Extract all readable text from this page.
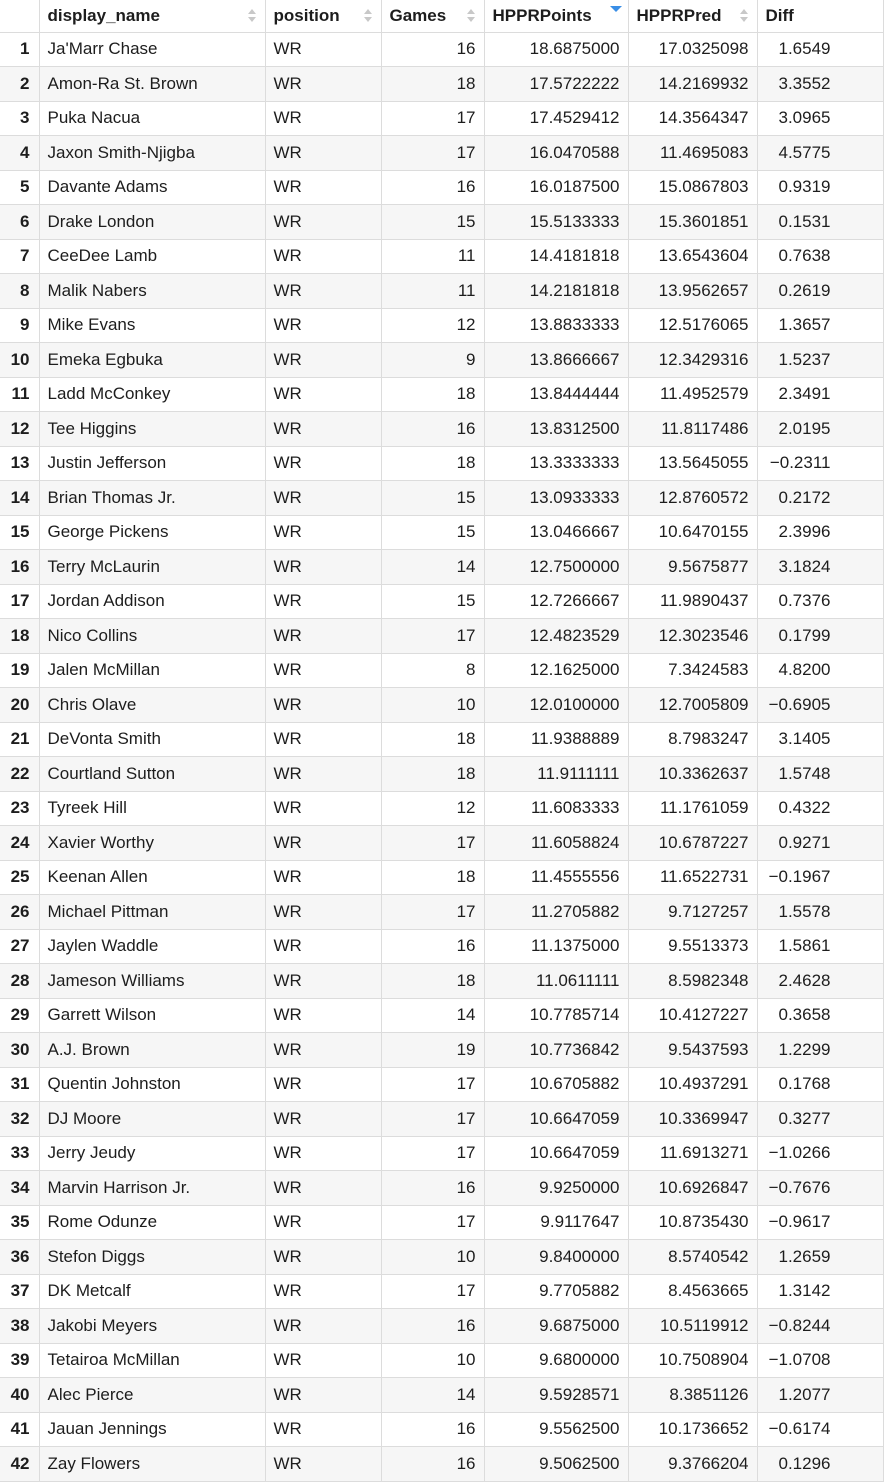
	display_name	position	Games	HPPRPoints	HPPRPred	Diff
1	Ja'Marr Chase	WR	16	18.6875000	17.0325098	1.6549
2	Amon-Ra St. Brown	WR	18	17.5722222	14.2169932	3.3552
3	Puka Nacua	WR	17	17.4529412	14.3564347	3.0965
4	Jaxon Smith-Njigba	WR	17	16.0470588	11.4695083	4.5775
5	Davante Adams	WR	16	16.0187500	15.0867803	0.9319
6	Drake London	WR	15	15.5133333	15.3601851	0.1531
7	CeeDee Lamb	WR	11	14.4181818	13.6543604	0.7638
8	Malik Nabers	WR	11	14.2181818	13.9562657	0.2619
9	Mike Evans	WR	12	13.8833333	12.5176065	1.3657
10	Emeka Egbuka	WR	9	13.8666667	12.3429316	1.5237
11	Ladd McConkey	WR	18	13.8444444	11.4952579	2.3491
12	Tee Higgins	WR	16	13.8312500	11.8117486	2.0195
13	Justin Jefferson	WR	18	13.3333333	13.5645055	−0.2311
14	Brian Thomas Jr.	WR	15	13.0933333	12.8760572	0.2172
15	George Pickens	WR	15	13.0466667	10.6470155	2.3996
16	Terry McLaurin	WR	14	12.7500000	9.5675877	3.1824
17	Jordan Addison	WR	15	12.7266667	11.9890437	0.7376
18	Nico Collins	WR	17	12.4823529	12.3023546	0.1799
19	Jalen McMillan	WR	8	12.1625000	7.3424583	4.8200
20	Chris Olave	WR	10	12.0100000	12.7005809	−0.6905
21	DeVonta Smith	WR	18	11.9388889	8.7983247	3.1405
22	Courtland Sutton	WR	18	11.9111111	10.3362637	1.5748
23	Tyreek Hill	WR	12	11.6083333	11.1761059	0.4322
24	Xavier Worthy	WR	17	11.6058824	10.6787227	0.9271
25	Keenan Allen	WR	18	11.4555556	11.6522731	−0.1967
26	Michael Pittman	WR	17	11.2705882	9.7127257	1.5578
27	Jaylen Waddle	WR	16	11.1375000	9.5513373	1.5861
28	Jameson Williams	WR	18	11.0611111	8.5982348	2.4628
29	Garrett Wilson	WR	14	10.7785714	10.4127227	0.3658
30	A.J. Brown	WR	19	10.7736842	9.5437593	1.2299
31	Quentin Johnston	WR	17	10.6705882	10.4937291	0.1768
32	DJ Moore	WR	17	10.6647059	10.3369947	0.3277
33	Jerry Jeudy	WR	17	10.6647059	11.6913271	−1.0266
34	Marvin Harrison Jr.	WR	16	9.9250000	10.6926847	−0.7676
35	Rome Odunze	WR	17	9.9117647	10.8735430	−0.9617
36	Stefon Diggs	WR	10	9.8400000	8.5740542	1.2659
37	DK Metcalf	WR	17	9.7705882	8.4563665	1.3142
38	Jakobi Meyers	WR	16	9.6875000	10.5119912	−0.8244
39	Tetairoa McMillan	WR	10	9.6800000	10.7508904	−1.0708
40	Alec Pierce	WR	14	9.5928571	8.3851126	1.2077
41	Jauan Jennings	WR	16	9.5562500	10.1736652	−0.6174
42	Zay Flowers	WR	16	9.5062500	9.3766204	0.1296
